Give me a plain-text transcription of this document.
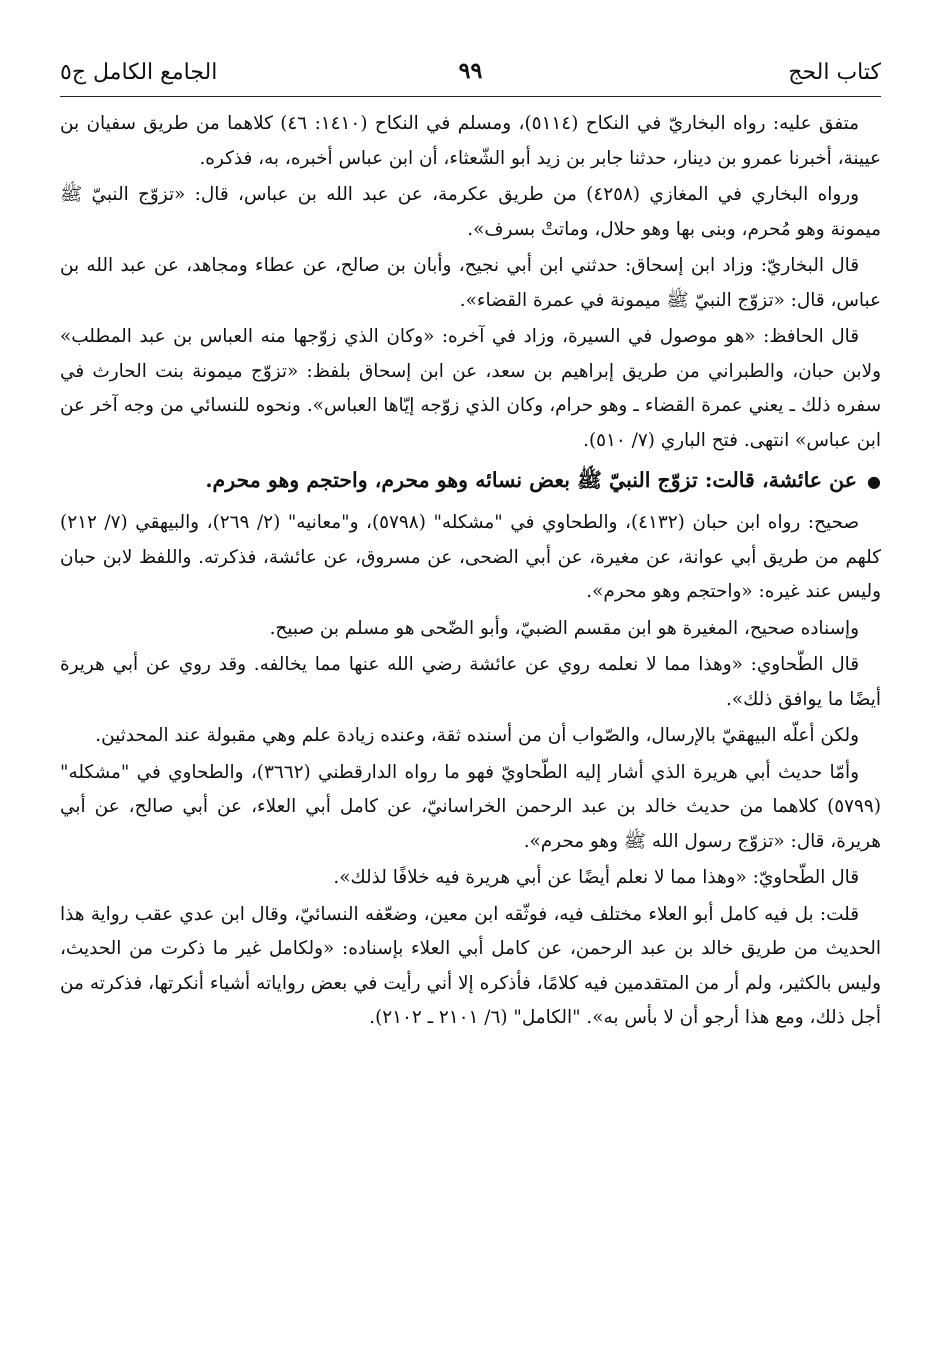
كتاب الحج
٩٩
الجامع الكامل ج٥

متفق عليه: رواه البخاريّ في النكاح (٥١١٤)، ومسلم في النكاح (١٤١٠: ٤٦) كلاهما من طريق سفيان بن عيينة، أخبرنا عمرو بن دينار، حدثنا جابر بن زيد أبو الشّعثاء، أن ابن عباس أخبره، به، فذكره.

ورواه البخاري في المغازي (٤٢٥٨) من طريق عكرمة، عن عبد الله بن عباس، قال: «تزوّج النبيّ ﷺ ميمونة وهو مُحرم، وبنى بها وهو حلال، وماتتْ بسرف».

قال البخاريّ: وزاد ابن إسحاق: حدثني ابن أبي نجيح، وأبان بن صالح، عن عطاء ومجاهد، عن عبد الله بن عباس، قال: «تزوّج النبيّ ﷺ ميمونة في عمرة القضاء».

قال الحافظ: «هو موصول في السيرة، وزاد في آخره: «وكان الذي زوّجها منه العباس بن عبد المطلب» ولابن حبان، والطبراني من طريق إبراهيم بن سعد، عن ابن إسحاق بلفظ: «تزوّج ميمونة بنت الحارث في سفره ذلك ـ يعني عمرة القضاء ـ وهو حرام، وكان الذي زوّجه إيّاها العباس». ونحوه للنسائي من وجه آخر عن ابن عباس» انتهى. فتح الباري (٧/ ٥١٠).

●عن عائشة، قالت: تزوّج النبيّ ﷺ بعض نسائه وهو محرم، واحتجم وهو محرم.

صحيح: رواه ابن حبان (٤١٣٢)، والطحاوي في "مشكله" (٥٧٩٨)، و"معانيه" (٢/ ٢٦٩)، والبيهقي (٧/ ٢١٢) كلهم من طريق أبي عوانة، عن مغيرة، عن أبي الضحى، عن مسروق، عن عائشة، فذكرته. واللفظ لابن حبان وليس عند غيره: «واحتجم وهو محرم».

وإسناده صحيح، المغيرة هو ابن مقسم الضبيّ، وأبو الضّحى هو مسلم بن صبيح.

قال الطّحاوي: «وهذا مما لا نعلمه روي عن عائشة رضي الله عنها مما يخالفه. وقد روي عن أبي هريرة أيضًا ما يوافق ذلك».

ولكن أعلّه البيهقيّ بالإرسال، والصّواب أن من أسنده ثقة، وعنده زيادة علم وهي مقبولة عند المحدثين.

وأمّا حديث أبي هريرة الذي أشار إليه الطّحاويّ فهو ما رواه الدارقطني (٣٦٦٢)، والطحاوي في "مشكله" (٥٧٩٩) كلاهما من حديث خالد بن عبد الرحمن الخراسانيّ، عن كامل أبي العلاء، عن أبي صالح، عن أبي هريرة، قال: «تزوّج رسول الله ﷺ وهو محرم».

قال الطّحاويّ: «وهذا مما لا نعلم أيضًا عن أبي هريرة فيه خلافًا لذلك».

قلت: بل فيه كامل أبو العلاء مختلف فيه، فوثّقه ابن معين، وضعّفه النسائيّ، وقال ابن عدي عقب رواية هذا الحديث من طريق خالد بن عبد الرحمن، عن كامل أبي العلاء بإسناده: «ولكامل غير ما ذكرت من الحديث، وليس بالكثير، ولم أر من المتقدمين فيه كلامًا، فأذكره إلا أني رأيت في بعض رواياته أشياء أنكرتها، فذكرته من أجل ذلك، ومع هذا أرجو أن لا بأس به». "الكامل" (٦/ ٢١٠١ ـ ٢١٠٢).
